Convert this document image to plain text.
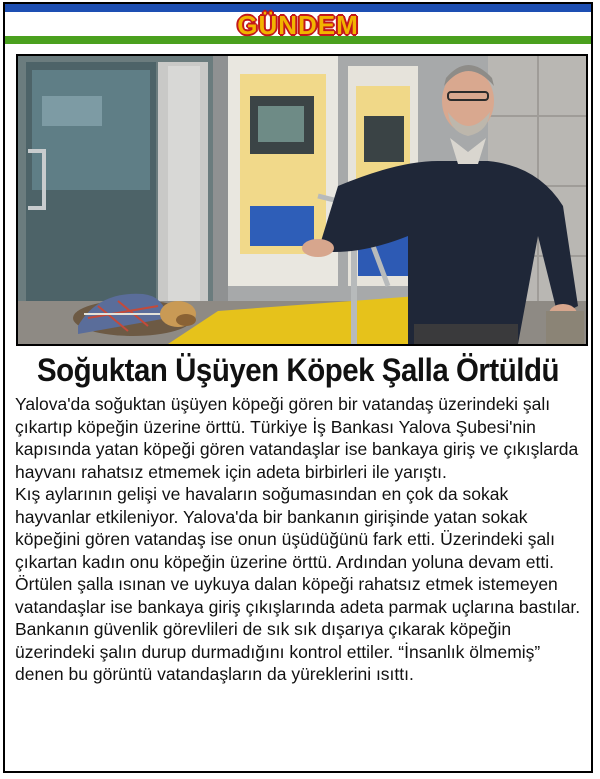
GÜNDEM
Soğuktan Üşüyen Köpek Şalla Örtüldü

Yalova'da soğuktan üşüyen köpeği gören bir vatandaş üzerindeki şalı çıkartıp köpeğin üzerine örttü. Türkiye İş Bankası Yalova Şubesi'nin kapısında yatan köpeği gören vatandaşlar ise bankaya giriş ve çıkışlarda hayvanı rahatsız etmemek için adeta birbirleri ile yarıştı.

Kış aylarının gelişi ve havaların soğumasından en çok da sokak hayvanlar etkileniyor. Yalova'da bir bankanın girişinde yatan sokak köpeğini gören vatandaş ise onun üşüdüğünü fark etti. Üzerindeki şalı çıkartan kadın onu köpeğin üzerine örttü. Ardından yoluna devam etti. Örtülen şalla ısınan ve uykuya dalan köpeği rahatsız etmek istemeyen vatandaşlar ise bankaya giriş çıkışlarında adeta parmak uçlarına bastılar. Bankanın güvenlik görevlileri de sık sık dışarıya çıkarak köpeğin üzerindeki şalın durup durmadığını kontrol ettiler. “İnsanlık ölmemiş” denen bu görüntü vatandaşların da yüreklerini ısıttı.
